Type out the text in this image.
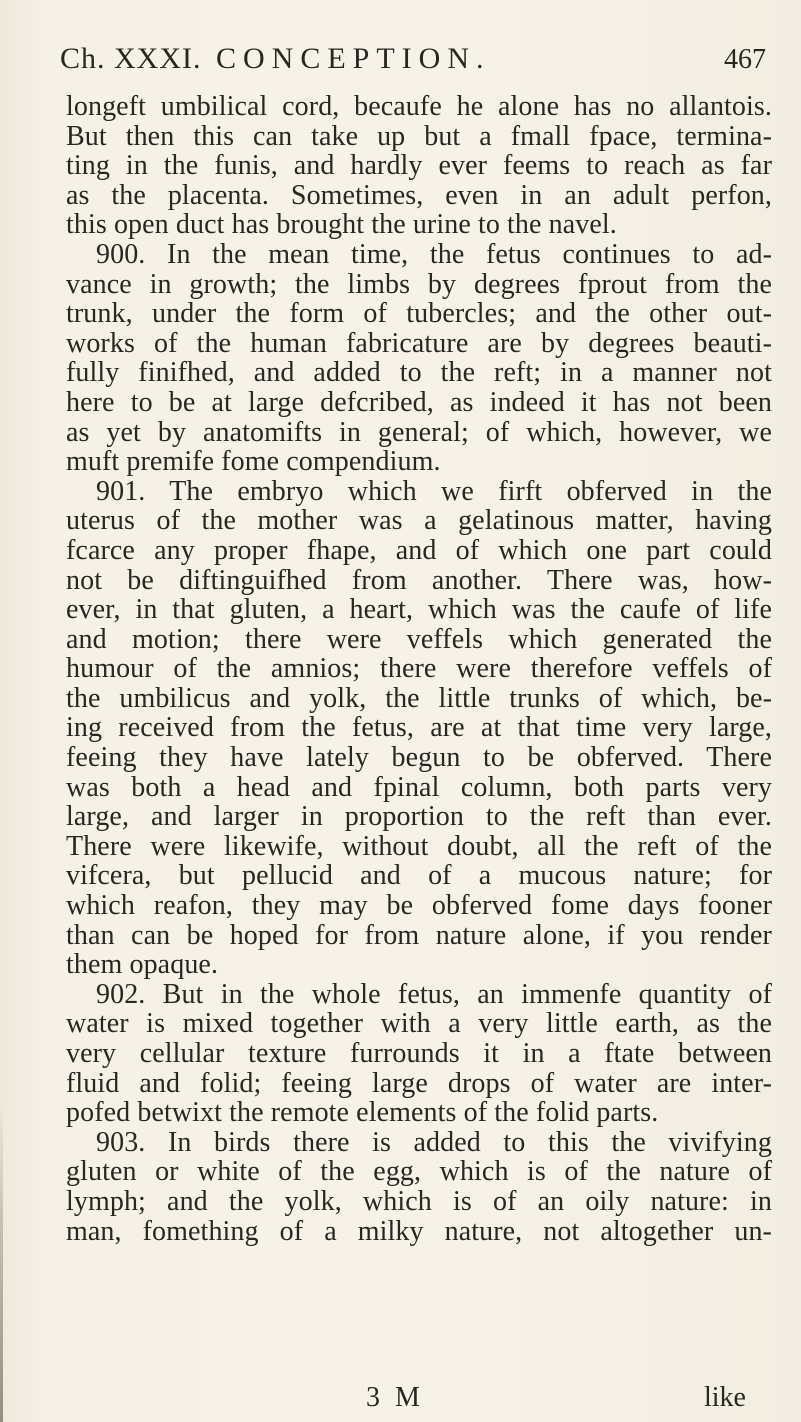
Ch. XXXI. CONCEPTION.	467
longeft umbilical cord, becaufe he alone has no allantois.
But then this can take up but a fmall fpace, termina-
ting in the funis, and hardly ever feems to reach as far
as the placenta. Sometimes, even in an adult perfon,
this open duct has brought the urine to the navel.
900. In the mean time, the fetus continues to ad-
vance in growth; the limbs by degrees fprout from the
trunk, under the form of tubercles; and the other out-
works of the human fabricature are by degrees beauti-
fully finifhed, and added to the reft; in a manner not
here to be at large defcribed, as indeed it has not been
as yet by anatomifts in general; of which, however, we
muft premife fome compendium.
901. The embryo which we firft obferved in the
uterus of the mother was a gelatinous matter, having
fcarce any proper fhape, and of which one part could
not be diftinguifhed from another. There was, how-
ever, in that gluten, a heart, which was the caufe of life
and motion; there were veffels which generated the
humour of the amnios; there were therefore veffels of
the umbilicus and yolk, the little trunks of which, be-
ing received from the fetus, are at that time very large,
feeing they have lately begun to be obferved. There
was both a head and fpinal column, both parts very
large, and larger in proportion to the reft than ever.
There were likewife, without doubt, all the reft of the
vifcera, but pellucid and of a mucous nature; for
which reafon, they may be obferved fome days fooner
than can be hoped for from nature alone, if you render
them opaque.
902. But in the whole fetus, an immenfe quantity of
water is mixed together with a very little earth, as the
very cellular texture furrounds it in a ftate between
fluid and folid; feeing large drops of water are inter-
pofed betwixt the remote elements of the folid parts.
903. In birds there is added to this the vivifying
gluten or white of the egg, which is of the nature of
lymph; and the yolk, which is of an oily nature: in
man, fomething of a milky nature, not altogether un-
3 M	like
